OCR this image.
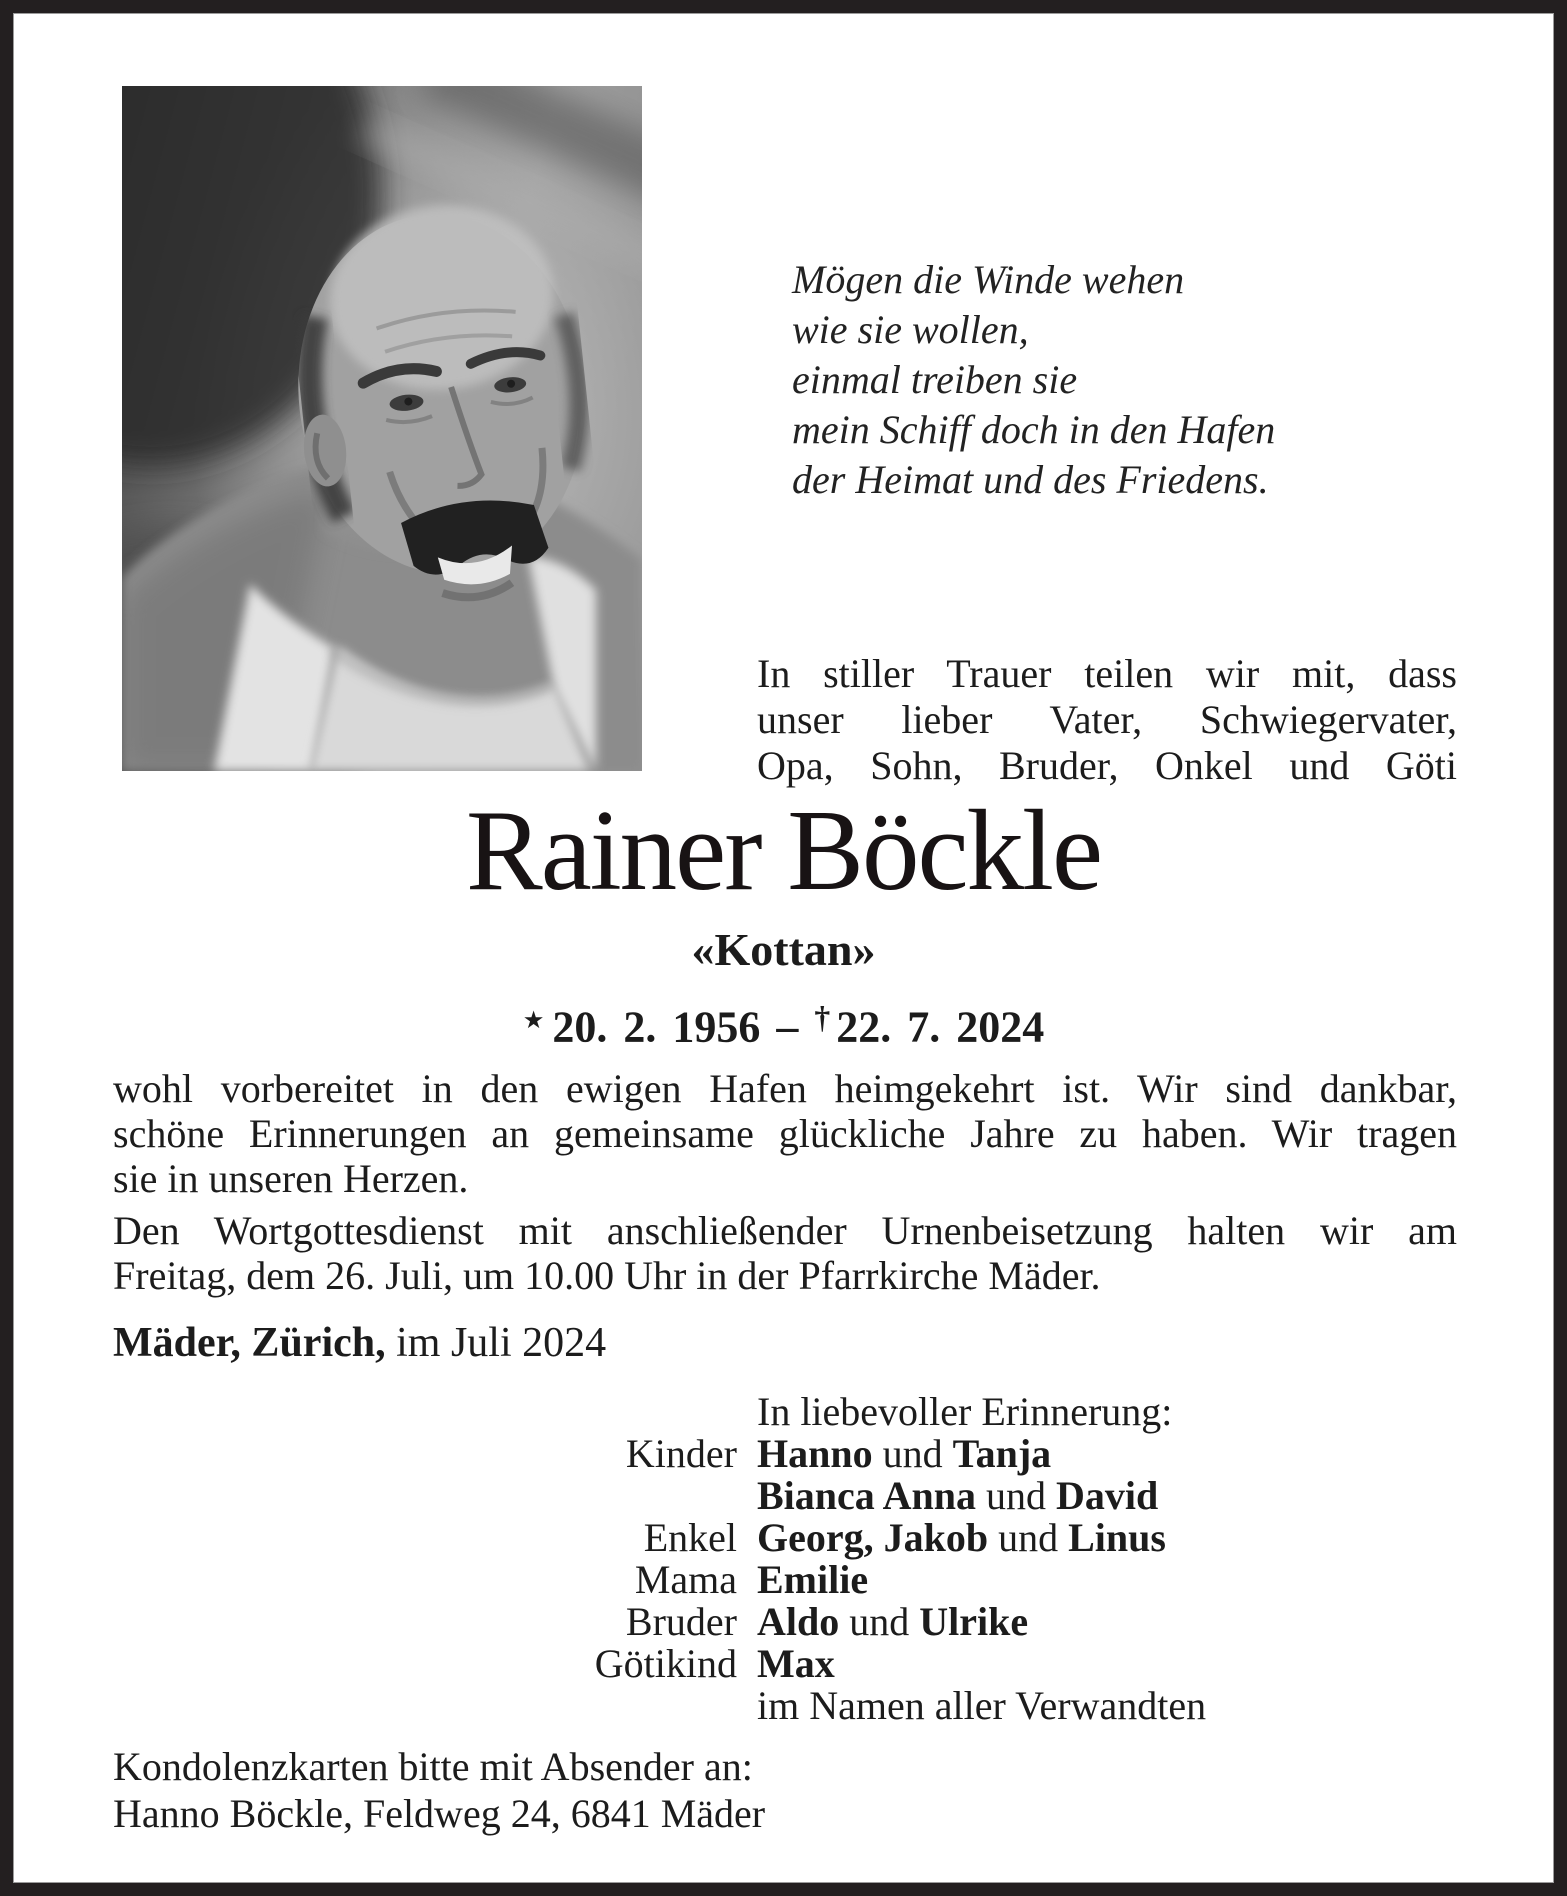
Mögen die Winde wehen
wie sie wollen,
einmal treiben sie
mein Schiff doch in den Hafen
der Heimat und des Friedens.
In stiller Trauer teilen wir mit, dass
unser lieber Vater, Schwiegervater,
Opa, Sohn, Bruder, Onkel und Göti
Rainer Böckle
«Kottan»
★ 20. 2. 1956 – † 22. 7. 2024
wohl vorbereitet in den ewigen Hafen heimgekehrt ist. Wir sind dankbar,
schöne Erinnerungen an gemeinsame glückliche Jahre zu haben. Wir tragen
sie in unseren Herzen.
Den Wortgottesdienst mit anschließender Urnenbeisetzung halten wir am
Freitag, dem 26. Juli, um 10.00 Uhr in der Pfarrkirche Mäder.
Mäder, Zürich, im Juli 2024
In liebevoller Erinnerung:
Kinder Hanno und Tanja
Bianca Anna und David
Enkel Georg, Jakob und Linus
Mama Emilie
Bruder Aldo und Ulrike
Götikind Max
im Namen aller Verwandten
Kondolenzkarten bitte mit Absender an:
Hanno Böckle, Feldweg 24, 6841 Mäder
